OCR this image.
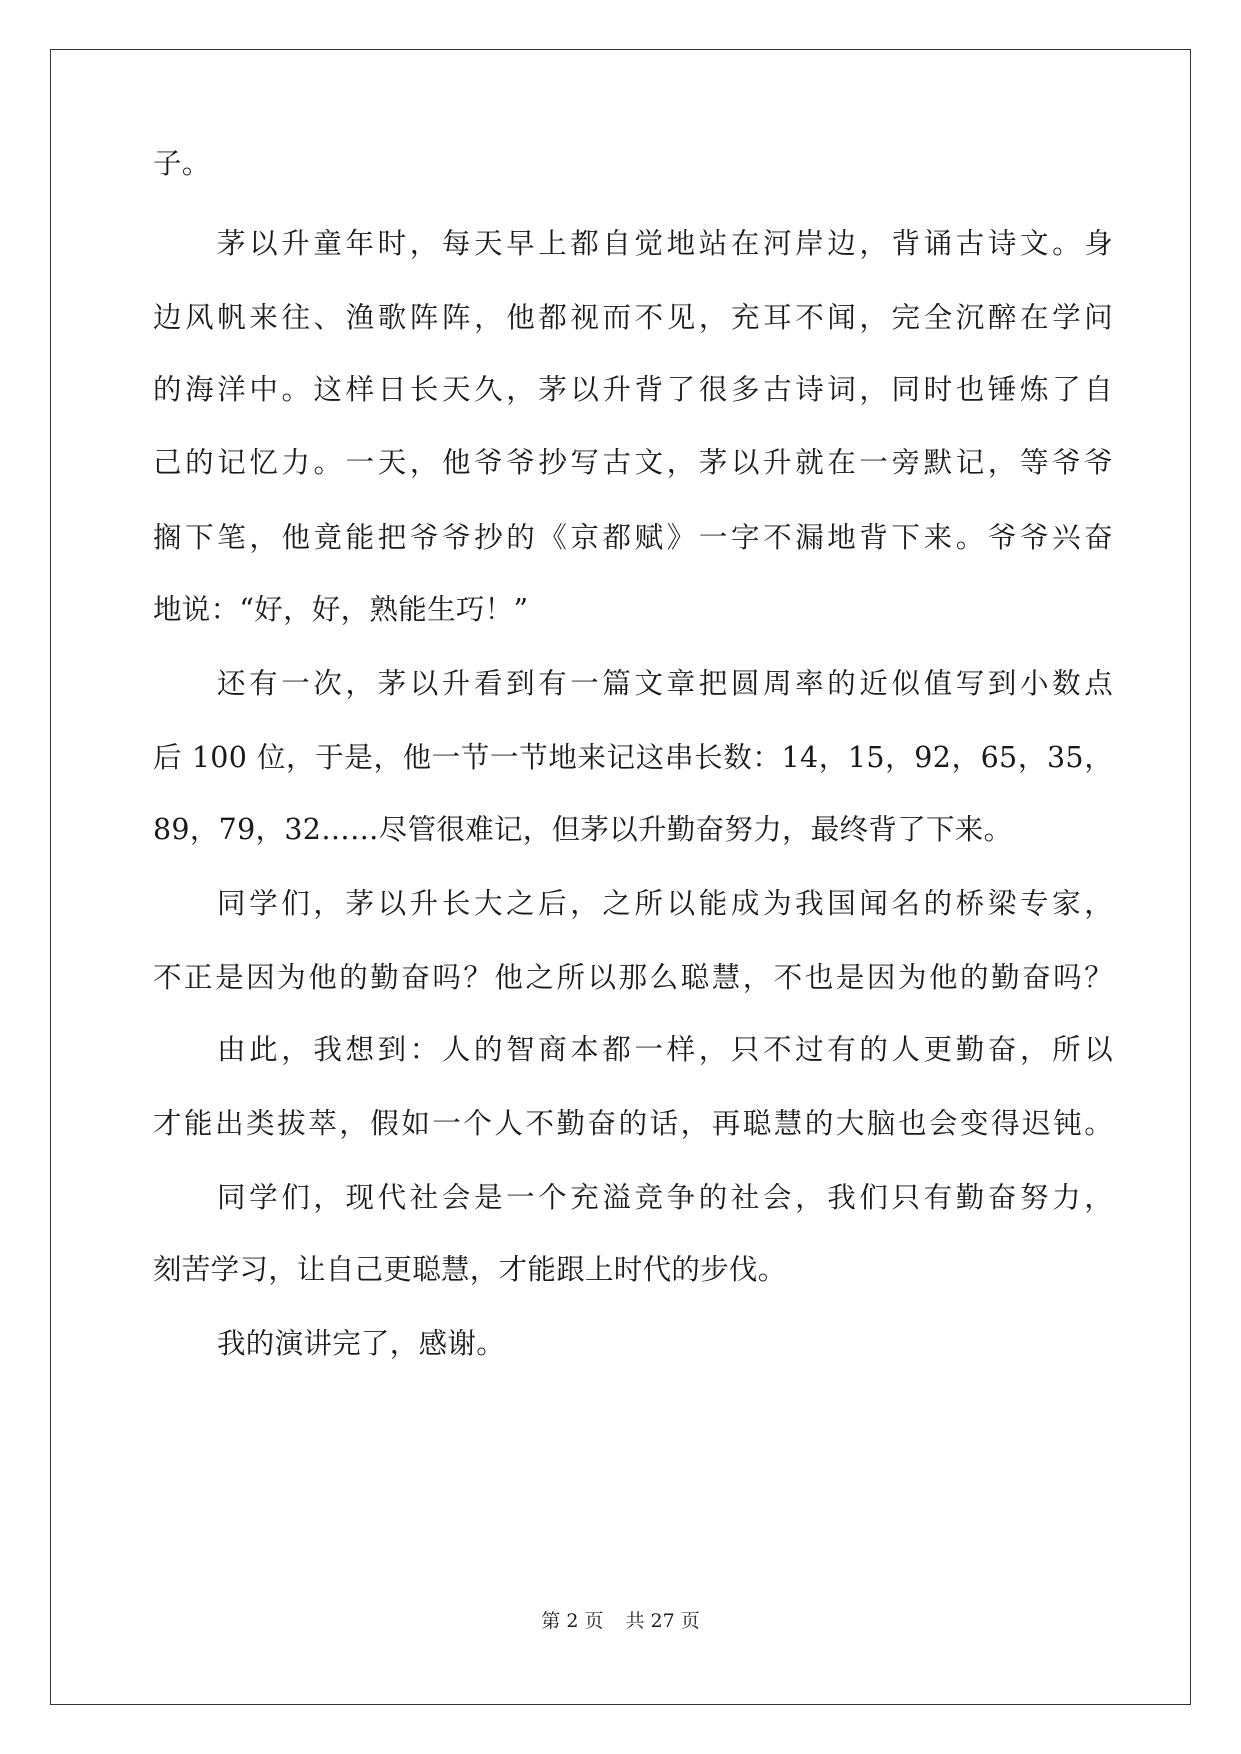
子。
茅以升童年时，每天早上都自觉地站在河岸边，背诵古诗文。身
边风帆来往、渔歌阵阵，他都视而不见，充耳不闻，完全沉醉在学问
的海洋中。这样日长天久，茅以升背了很多古诗词，同时也锤炼了自
己的记忆力。一天，他爷爷抄写古文，茅以升就在一旁默记，等爷爷
搁下笔，他竟能把爷爷抄的《京都赋》一字不漏地背下来。爷爷兴奋
地说：“好，好，熟能生巧！”
还有一次，茅以升看到有一篇文章把圆周率的近似值写到小数点
后 100 位，于是，他一节一节地来记这串长数：14，15，92，65，35，
89，79，32……尽管很难记，但茅以升勤奋努力，最终背了下来。
同学们，茅以升长大之后，之所以能成为我国闻名的桥梁专家，
不正是因为他的勤奋吗？他之所以那么聪慧，不也是因为他的勤奋吗？
由此，我想到：人的智商本都一样，只不过有的人更勤奋，所以
才能出类拔萃，假如一个人不勤奋的话，再聪慧的大脑也会变得迟钝。
同学们，现代社会是一个充溢竞争的社会，我们只有勤奋努力，
刻苦学习，让自己更聪慧，才能跟上时代的步伐。
我的演讲完了，感谢。
第 2 页 共 27 页
